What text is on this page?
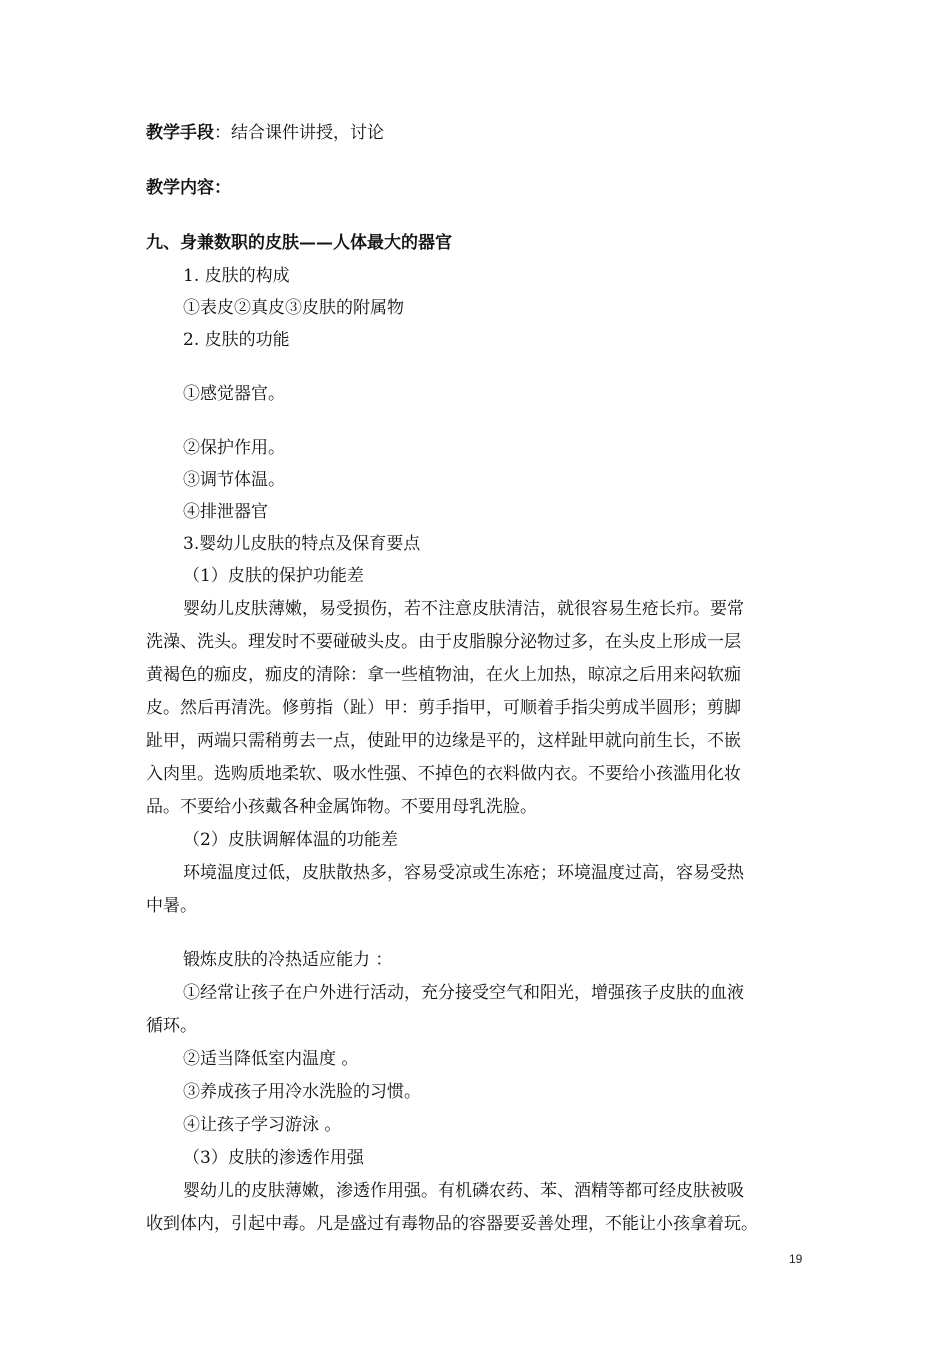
教学手段：结合课件讲授，讨论
教学内容：
九、身兼数职的皮肤——人体最大的器官
1. 皮肤的构成
①表皮②真皮③皮肤的附属物
2. 皮肤的功能
①感觉器官。
②保护作用。
③调节体温。
④排泄器官
3.婴幼儿皮肤的特点及保育要点
（1）皮肤的保护功能差
婴幼儿皮肤薄嫩，易受损伤，若不注意皮肤清洁，就很容易生疮长疖。要常
洗澡、洗头。理发时不要碰破头皮。由于皮脂腺分泌物过多，在头皮上形成一层
黄褐色的痂皮，痂皮的清除：拿一些植物油，在火上加热，晾凉之后用来闷软痂
皮。然后再清洗。修剪指（趾）甲：剪手指甲，可顺着手指尖剪成半圆形；剪脚
趾甲，两端只需稍剪去一点，使趾甲的边缘是平的，这样趾甲就向前生长，不嵌
入肉里。选购质地柔软、吸水性强、不掉色的衣料做内衣。不要给小孩滥用化妆
品。不要给小孩戴各种金属饰物。不要用母乳洗脸。
（2）皮肤调解体温的功能差
环境温度过低，皮肤散热多，容易受凉或生冻疮；环境温度过高，容易受热
中暑。
锻炼皮肤的冷热适应能力 ：
①经常让孩子在户外进行活动，充分接受空气和阳光，增强孩子皮肤的血液
循环。
②适当降低室内温度 。
③养成孩子用冷水洗脸的习惯。
④让孩子学习游泳 。
（3）皮肤的渗透作用强
婴幼儿的皮肤薄嫩，渗透作用强。有机磷农药、苯、酒精等都可经皮肤被吸
收到体内，引起中毒。凡是盛过有毒物品的容器要妥善处理，不能让小孩拿着玩。
19
